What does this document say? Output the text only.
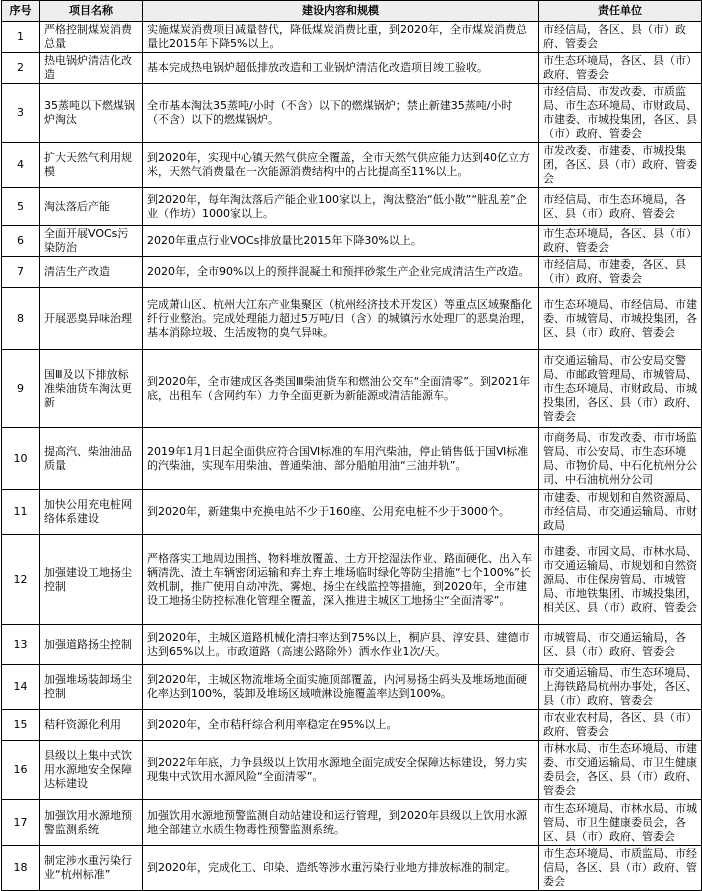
序号	项目名称	建设内容和规模	责任单位
1	严格控制煤炭消费总量	实施煤炭消费项目减量替代，降低煤炭消费比重，到2020年，全市煤炭消费总量比2015年下降5%以上。	市经信局，各区、县（市）政府、管委会
2	热电锅炉清洁化改造	基本完成热电锅炉超低排放改造和工业锅炉清洁化改造项目竣工验收。	市生态环境局，各区、县（市）政府、管委会
3	35蒸吨以下燃煤锅炉淘汰	全市基本淘汰35蒸吨/小时（不含）以下的燃煤锅炉；禁止新建35蒸吨/小时（不含）以下的燃煤锅炉。	市经信局、市发改委、市质监局、市生态环境局、市财政局、市建委、市城投集团，各区、县（市）政府、管委会
4	扩大天然气利用规模	到2020年，实现中心镇天然气供应全覆盖，全市天然气供应能力达到40亿立方米，天然气消费量在一次能源消费结构中的占比提高至11%以上。	市发改委、市建委、市城投集团，各区、县（市）政府、管委会
5	淘汰落后产能	到2020年，每年淘汰落后产能企业100家以上，淘汰整治“低小散”“脏乱差”企业（作坊）1000家以上。	市经信局、市生态环境局，各区、县（市）政府、管委会
6	全面开展VOCs污染防治	2020年重点行业VOCs排放量比2015年下降30%以上。	市生态环境局，各区、县（市）政府、管委会
7	清洁生产改造	2020年，全市90%以上的预拌混凝土和预拌砂浆生产企业完成清洁生产改造。	市经信局、市建委，各区、县（市）政府、管委会
8	开展恶臭异味治理	完成萧山区、杭州大江东产业集聚区（杭州经济技术开发区）等重点区域聚酯化纤行业整治。完成处理能力超过5万吨/日（含）的城镇污水处理厂的恶臭治理，基本消除垃圾、生活废物的臭气异味。	市生态环境局、市经信局、市建委、市城管局、市城投集团，各区、县（市）政府、管委会
9	国Ⅲ及以下排放标准柴油货车淘汰更新	到2020年，全市建成区各类国Ⅲ柴油货车和燃油公交车“全面清零”。到2021年底，出租车（含网约车）力争全面更新为新能源或清洁能源车。	市交通运输局、市公安局交警局、市邮政管理局、市城管局、市生态环境局、市财政局、市城投集团，各区、县（市）政府、管委会
10	提高汽、柴油油品质量	2019年1月1日起全面供应符合国Ⅵ标准的车用汽柴油，停止销售低于国Ⅵ标准的汽柴油，实现车用柴油、普通柴油、部分船舶用油“三油并轨”。	市商务局、市发改委、市市场监管局、市公安局、市生态环境局、市物价局、中石化杭州分公司、中石油杭州分公司
11	加快公用充电桩网络体系建设	到2020年，新建集中充换电站不少于160座、公用充电桩不少于3000个。	市建委、市规划和自然资源局、市经信局、市交通运输局、市财政局
12	加强建设工地扬尘控制	严格落实工地周边围挡、物料堆放覆盖、土方开挖湿法作业、路面硬化、出入车辆清洗、渣土车辆密闭运输和弃土弃土堆场临时绿化等防尘措施“七个100%”长效机制，推广使用自动冲洗、雾炮、扬尘在线监控等措施，到2020年，全市建设工地扬尘防控标准化管理全覆盖，深入推进主城区工地扬尘“全面清零”。	市建委、市园文局、市林水局、市交通运输局、市规划和自然资源局、市住保房管局、市城管局、市地铁集团、市城投集团，相关区、县（市）政府、管委会
13	加强道路扬尘控制	到2020年，主城区道路机械化清扫率达到75%以上，桐庐县、淳安县、建德市达到65%以上。市政道路（高速公路除外）洒水作业1次/天。	市城管局、市交通运输局，各区、县（市）政府、管委会
14	加强堆场装卸场尘控制	到2020年，主城区物流堆场全面实施顶部覆盖，内河易扬尘码头及堆场地面硬化率达到100%，装卸及堆场区域喷淋设施覆盖率达到100%。	市交通运输局、市生态环境局、上海铁路局杭州办事处，各区、县（市）政府、管委会
15	秸秆资源化利用	到2020年，全市秸秆综合利用率稳定在95%以上。	市农业农村局，各区、县（市）政府、管委会
16	县级以上集中式饮用水源地安全保障达标建设	到2022年年底，力争县级以上饮用水源地全面完成安全保障达标建设，努力实现集中式饮用水源风险“全面清零”。	市林水局、市生态环境局、市建委、市交通运输局、市卫生健康委员会，各区、县（市）政府、管委会
17	加强饮用水源地预警监测系统	加强饮用水源地预警监测自动站建设和运行管理，到2020年县级以上饮用水源地全部建立水质生物毒性预警监测系统。	市生态环境局、市林水局、市城管局、市卫生健康委员会，各区、县（市）政府、管委会
18	制定涉水重污染行业“杭州标准”	到2020年，完成化工、印染、造纸等涉水重污染行业地方排放标准的制定。	市生态环境局、市质监局、市经信局，各区、县（市）政府、管委会
